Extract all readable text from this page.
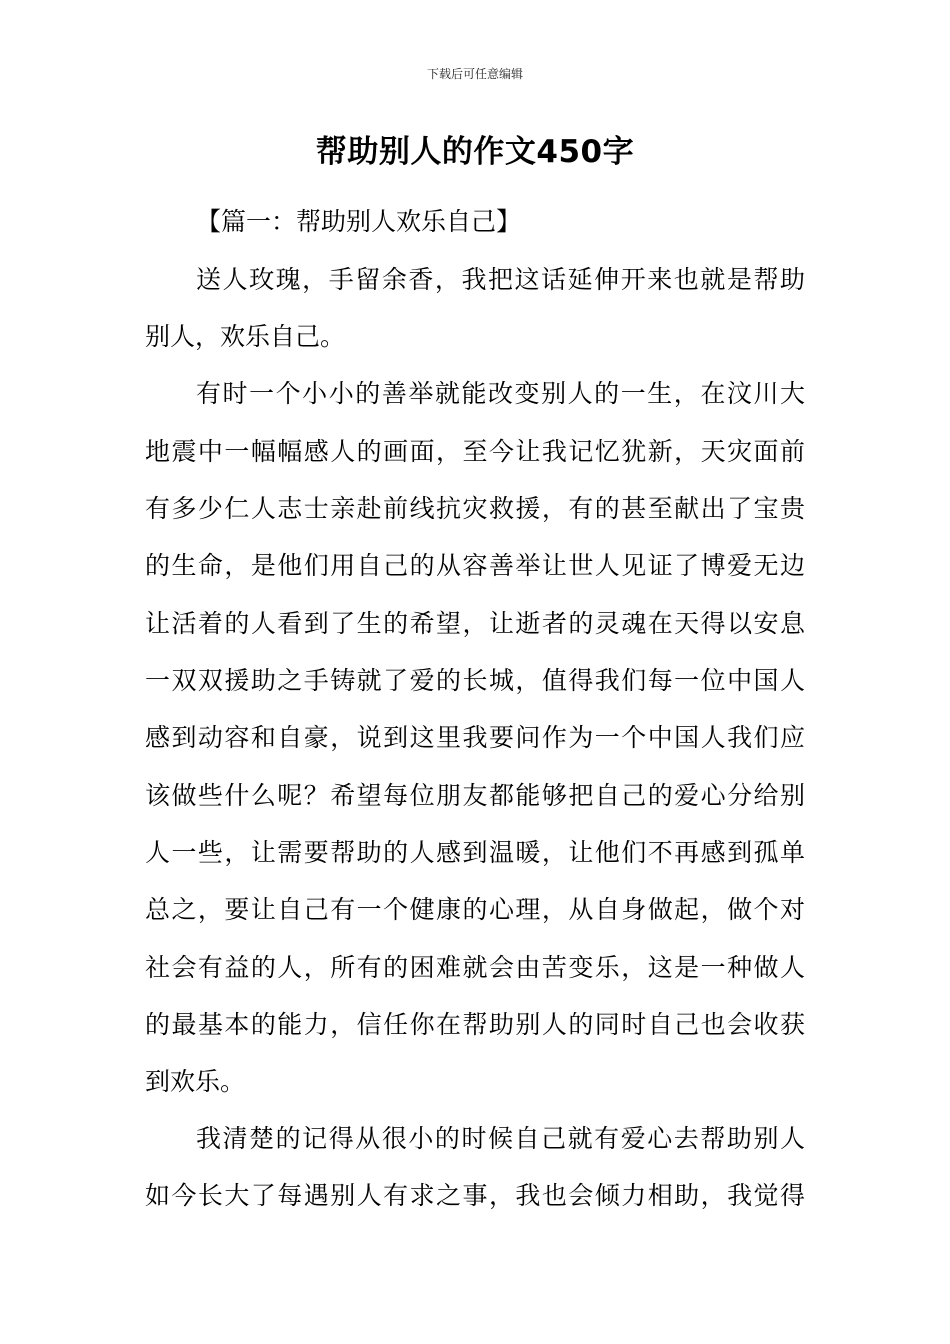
下载后可任意编辑
帮助别人的作文450字
【篇一：帮助别人欢乐自己】
送人玫瑰，手留余香，我把这话延伸开来也就是帮助
别人，欢乐自己。
有时一个小小的善举就能改变别人的一生，在汶川大
地震中一幅幅感人的画面，至今让我记忆犹新，天灾面前
有多少仁人志士亲赴前线抗灾救援，有的甚至献出了宝贵
的生命，是他们用自己的从容善举让世人见证了博爱无边
让活着的人看到了生的希望，让逝者的灵魂在天得以安息
一双双援助之手铸就了爱的长城，值得我们每一位中国人
感到动容和自豪，说到这里我要问作为一个中国人我们应
该做些什么呢？希望每位朋友都能够把自己的爱心分给别
人一些，让需要帮助的人感到温暖，让他们不再感到孤单
总之，要让自己有一个健康的心理，从自身做起，做个对
社会有益的人，所有的困难就会由苦变乐，这是一种做人
的最基本的能力，信任你在帮助别人的同时自己也会收获
到欢乐。
我清楚的记得从很小的时候自己就有爱心去帮助别人
如今长大了每遇别人有求之事，我也会倾力相助，我觉得
